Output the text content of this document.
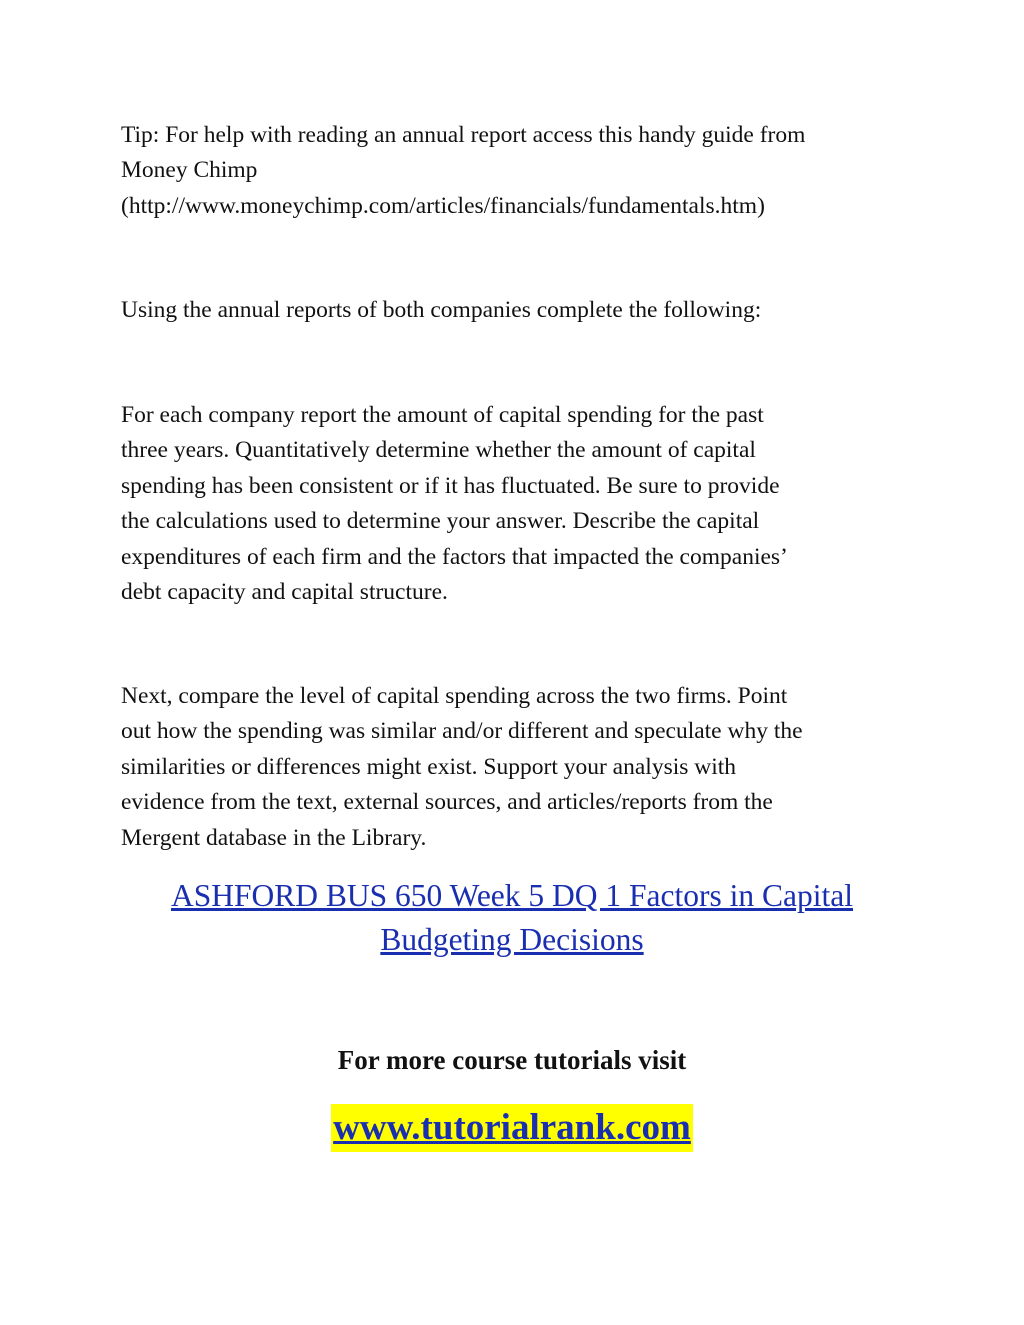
Tip: For help with reading an annual report access this handy guide from
Money Chimp
(http://www.moneychimp.com/articles/financials/fundamentals.htm)

Using the annual reports of both companies complete the following:

For each company report the amount of capital spending for the past
three years. Quantitatively determine whether the amount of capital
spending has been consistent or if it has fluctuated. Be sure to provide
the calculations used to determine your answer. Describe the capital
expenditures of each firm and the factors that impacted the companies’
debt capacity and capital structure.

Next, compare the level of capital spending across the two firms. Point
out how the spending was similar and/or different and speculate why the
similarities or differences might exist. Support your analysis with
evidence from the text, external sources, and articles/reports from the
Mergent database in the Library.

ASHFORD BUS 650 Week 5 DQ 1 Factors in Capital
Budgeting Decisions
For more course tutorials visit
www.tutorialrank.com
